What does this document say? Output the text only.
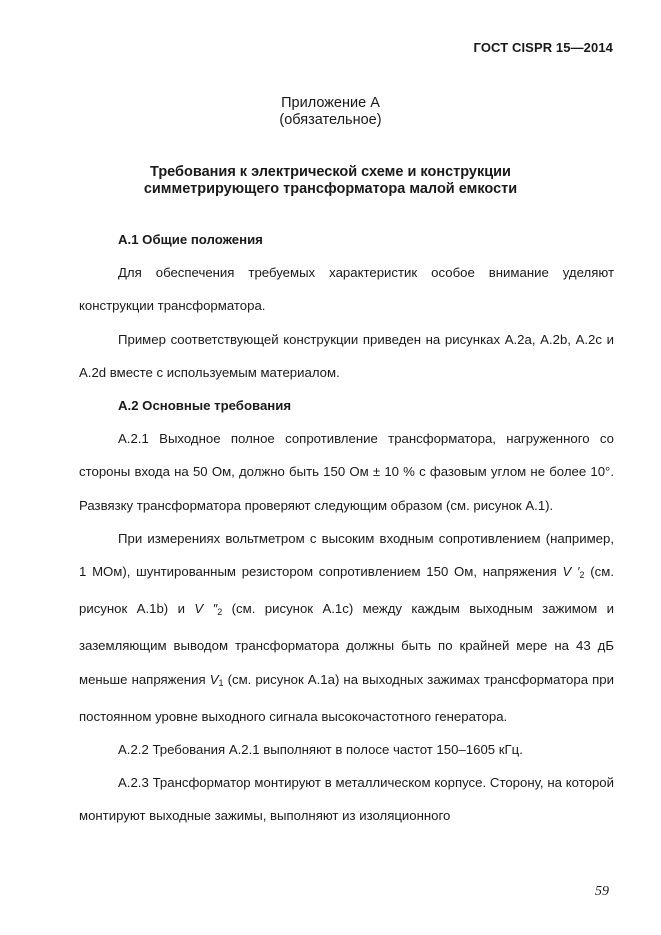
ГОСТ CISPR 15—2014
Приложение А
(обязательное)
Требования к электрической схеме и конструкции
симметрирующего трансформатора малой емкости

А.1 Общие положения

Для обеспечения требуемых характеристик особое внимание уделяют конструкции трансформатора.

Пример соответствующей конструкции приведен на рисунках А.2а, А.2b, А.2c и А.2d вместе с используемым материалом.

А.2 Основные требования

А.2.1 Выходное полное сопротивление трансформатора, нагруженного со стороны входа на 50 Ом, должно быть 150 Ом ± 10 % с фазовым углом не более 10°. Развязку трансформатора проверяют следующим образом (см. рисунок А.1).

При измерениях вольтметром с высоким входным сопротивлением (например, 1 МОм), шунтированным резистором сопротивлением 150 Ом, напряжения V ′2 (см. рисунок А.1b) и V ″2 (см. рисунок А.1c) между каждым выходным зажимом и заземляющим выводом трансформатора должны быть по крайней мере на 43 дБ меньше напряжения V1 (см. рисунок А.1а) на выходных зажимах трансформатора при постоянном уровне выходного сигнала высокочастотного генератора.

А.2.2 Требования А.2.1 выполняют в полосе частот 150–1605 кГц.

А.2.3 Трансформатор монтируют в металлическом корпусе. Сторону, на которой монтируют выходные зажимы, выполняют из изоляционного

59
